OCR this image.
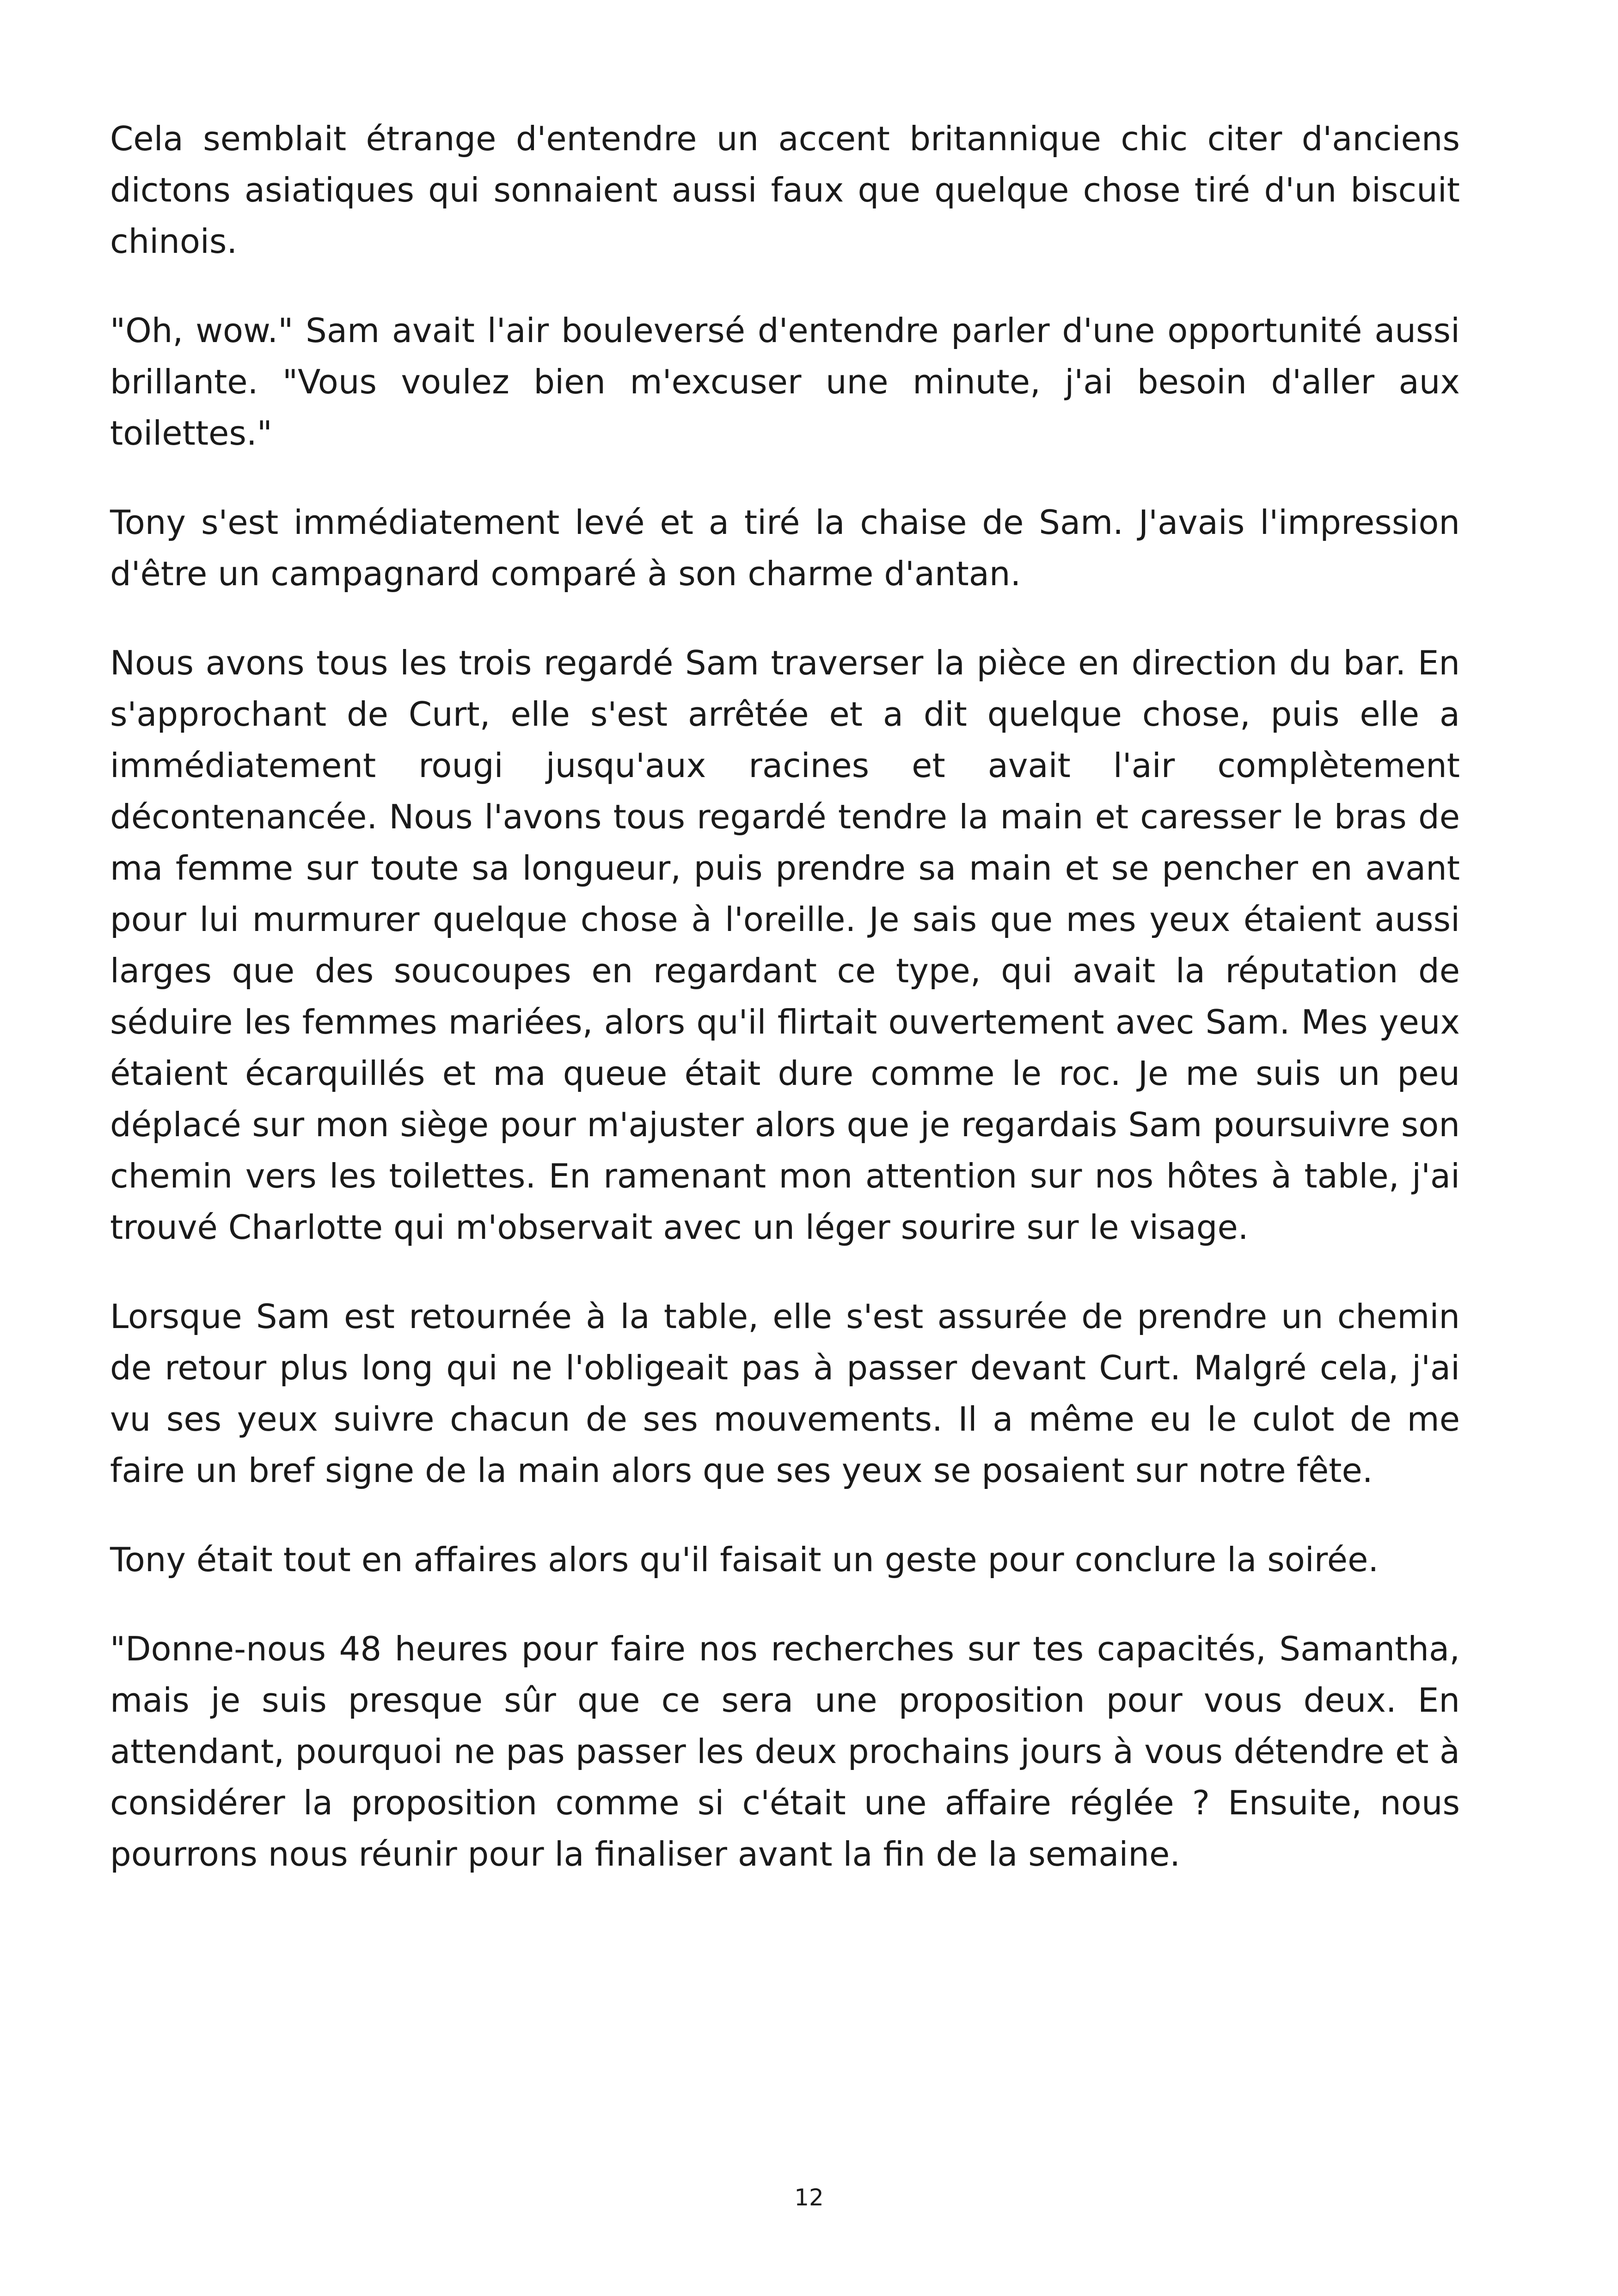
Cela semblait étrange d'entendre un accent britannique chic citer d'anciens dictons asiatiques qui sonnaient aussi faux que quelque chose tiré d'un biscuit chinois.

"Oh, wow." Sam avait l'air bouleversé d'entendre parler d'une opportunité aussi brillante. "Vous voulez bien m'excuser une minute, j'ai besoin d'aller aux toilettes."

Tony s'est immédiatement levé et a tiré la chaise de Sam. J'avais l'impression d'être un campagnard comparé à son charme d'antan.

Nous avons tous les trois regardé Sam traverser la pièce en direction du bar. En s'approchant de Curt, elle s'est arrêtée et a dit quelque chose, puis elle a immédiatement rougi jusqu'aux racines et avait l'air complètement décontenancée. Nous l'avons tous regardé tendre la main et caresser le bras de ma femme sur toute sa longueur, puis prendre sa main et se pencher en avant pour lui murmurer quelque chose à l'oreille. Je sais que mes yeux étaient aussi larges que des soucoupes en regardant ce type, qui avait la réputation de séduire les femmes mariées, alors qu'il flirtait ouvertement avec Sam. Mes yeux étaient écarquillés et ma queue était dure comme le roc. Je me suis un peu déplacé sur mon siège pour m'ajuster alors que je regardais Sam poursuivre son chemin vers les toilettes. En ramenant mon attention sur nos hôtes à table, j'ai trouvé Charlotte qui m'observait avec un léger sourire sur le visage.

Lorsque Sam est retournée à la table, elle s'est assurée de prendre un chemin de retour plus long qui ne l'obligeait pas à passer devant Curt. Malgré cela, j'ai vu ses yeux suivre chacun de ses mouvements. Il a même eu le culot de me faire un bref signe de la main alors que ses yeux se posaient sur notre fête.

Tony était tout en affaires alors qu'il faisait un geste pour conclure la soirée.

"Donne-nous 48 heures pour faire nos recherches sur tes capacités, Samantha, mais je suis presque sûr que ce sera une proposition pour vous deux. En attendant, pourquoi ne pas passer les deux prochains jours à vous détendre et à considérer la proposition comme si c'était une affaire réglée ? Ensuite, nous pourrons nous réunir pour la finaliser avant la fin de la semaine.

12
